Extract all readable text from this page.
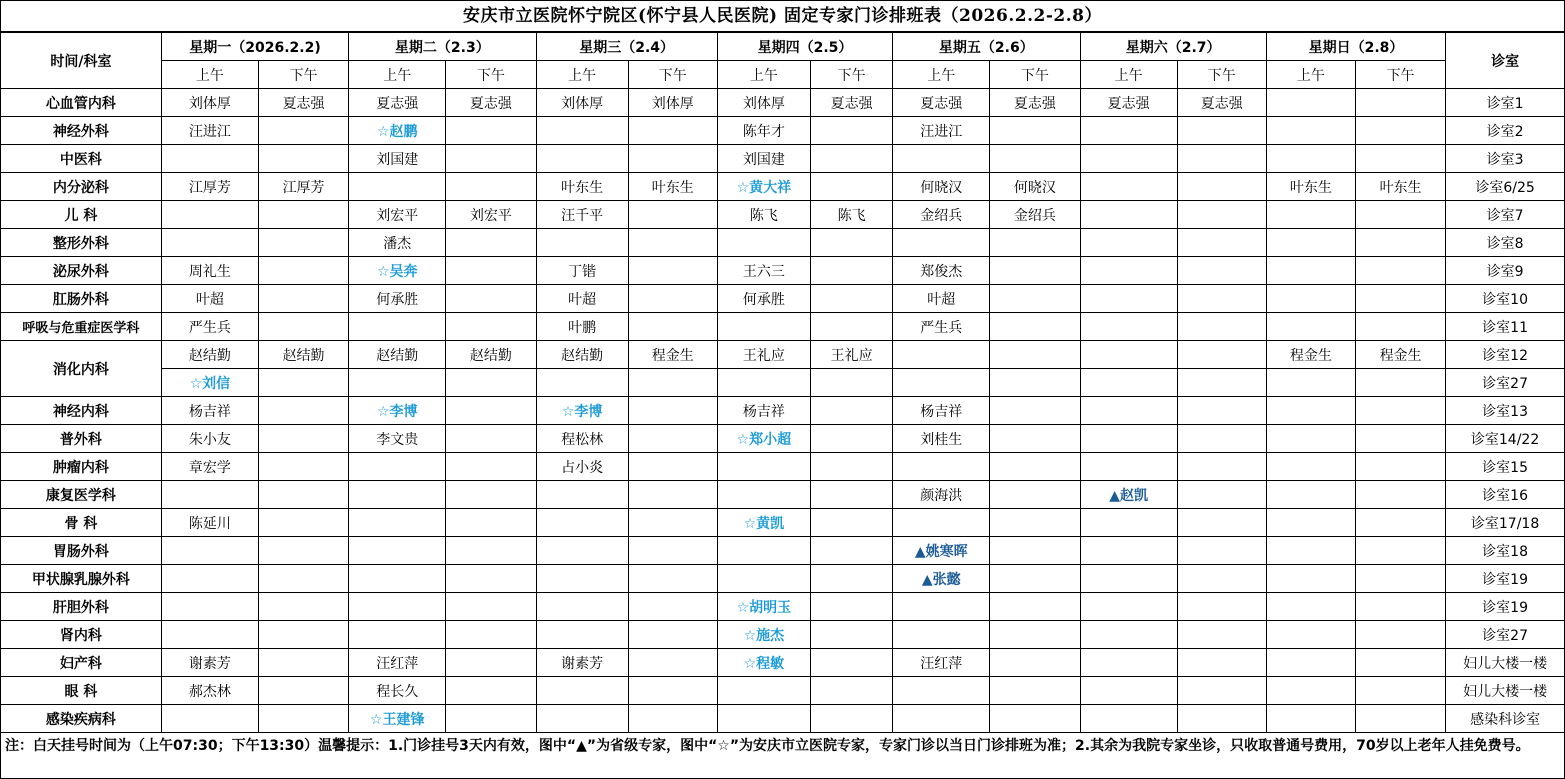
安庆市立医院怀宁院区(怀宁县人民医院) 固定专家门诊排班表（2026.2.2-2.8）
时间/科室	星期一（2026.2.2)		星期二（2.3）		星期三（2.4）		星期四（2.5）		星期五（2.6）		星期六（2.7）		星期日（2.8）		诊室
	上午	下午	上午	下午	上午	下午	上午	下午	上午	下午	上午	下午	上午	下午	
心血管内科	刘体厚	夏志强	夏志强	夏志强	刘体厚	刘体厚	刘体厚	夏志强	夏志强	夏志强	夏志强	夏志强			诊室1
神经外科	汪进江		☆赵鹏				陈年才		汪进江						诊室2
中医科			刘国建				刘国建								诊室3
内分泌科	江厚芳	江厚芳			叶东生	叶东生	☆黄大祥		何晓汉	何晓汉			叶东生	叶东生	诊室6/25
儿 科			刘宏平	刘宏平	汪千平		陈飞	陈飞	金绍兵	金绍兵					诊室7
整形外科			潘杰												诊室8
泌尿外科	周礼生		☆吴奔		丁锴		王六三		郑俊杰						诊室9
肛肠外科	叶超		何承胜		叶超		何承胜		叶超						诊室10
呼吸与危重症医学科	严生兵				叶鹏				严生兵						诊室11
消化内科	赵结勤	赵结勤	赵结勤	赵结勤	赵结勤	程金生	王礼应	王礼应					程金生	程金生	诊室12
	☆刘信														诊室27
神经内科	杨吉祥		☆李博		☆李博		杨吉祥		杨吉祥						诊室13
普外科	朱小友		李文贵		程松林		☆郑小超		刘桂生						诊室14/22
肿瘤内科	章宏学				占小炎										诊室15
康复医学科									颜海洪		▲赵凯				诊室16
骨 科	陈延川						☆黄凯								诊室17/18
胃肠外科									▲姚寒晖						诊室18
甲状腺乳腺外科									▲张懿						诊室19
肝胆外科							☆胡明玉								诊室19
肾内科							☆施杰								诊室27
妇产科	谢素芳		汪红萍		谢素芳		☆程敏		汪红萍						妇儿大楼一楼
眼 科	郝杰林		程长久												妇儿大楼一楼
感染疾病科			☆王建锋												感染科诊室
注：白天挂号时间为（上午07:30；下午13:30）温馨提示：1.门诊挂号3天内有效，图中“▲”为省级专家，图中“☆”为安庆市立医院专家，专家门诊以当日门诊排班为准；2.其余为我院专家坐诊，只收取普通号费用，70岁以上老年人挂免费号。
